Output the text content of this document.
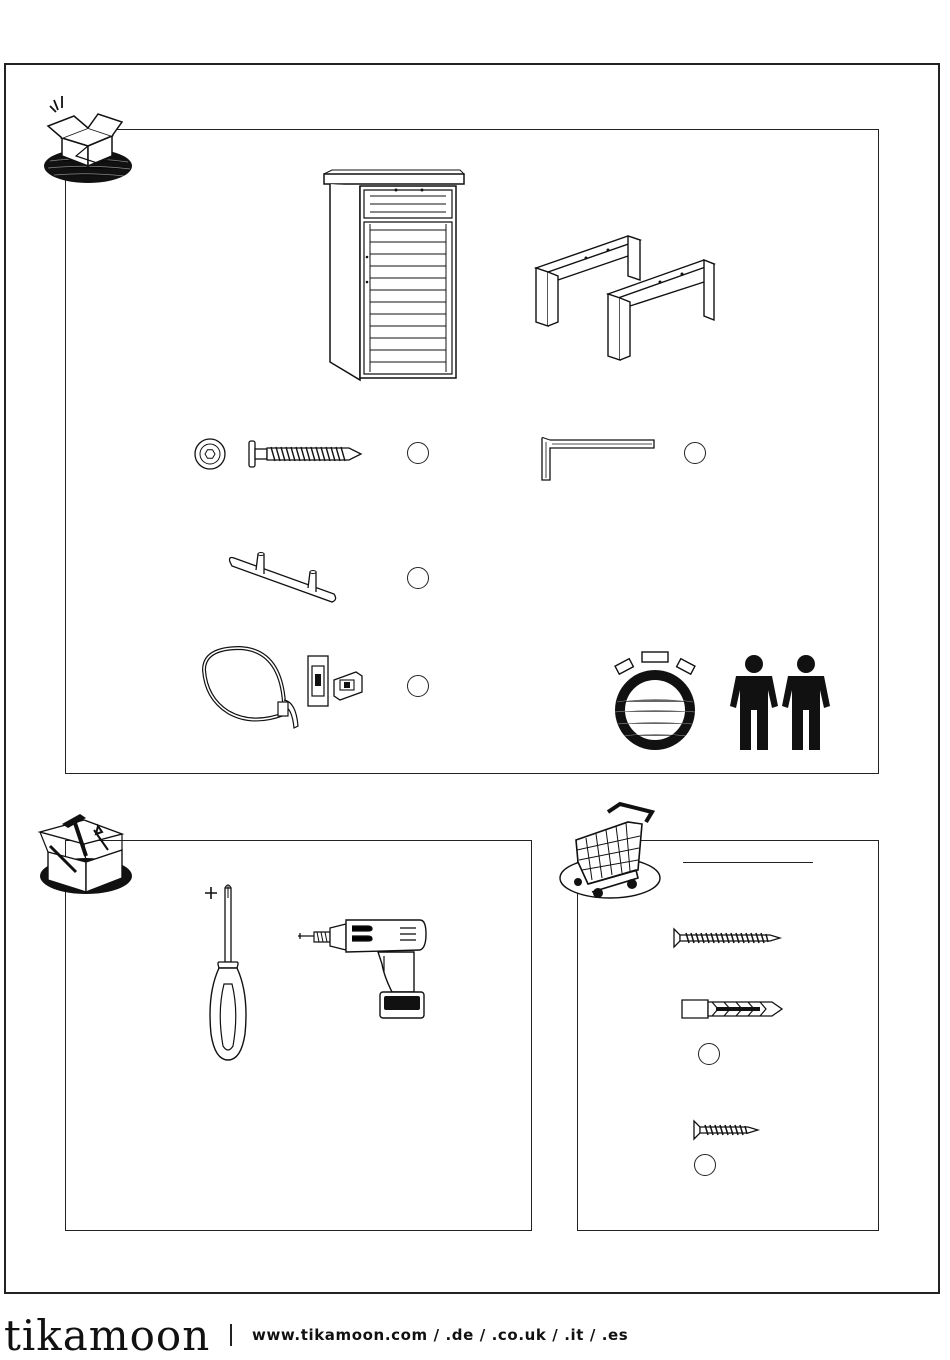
tikamoon	www.tikamoon.com / .de / .co.uk / .it / .es
